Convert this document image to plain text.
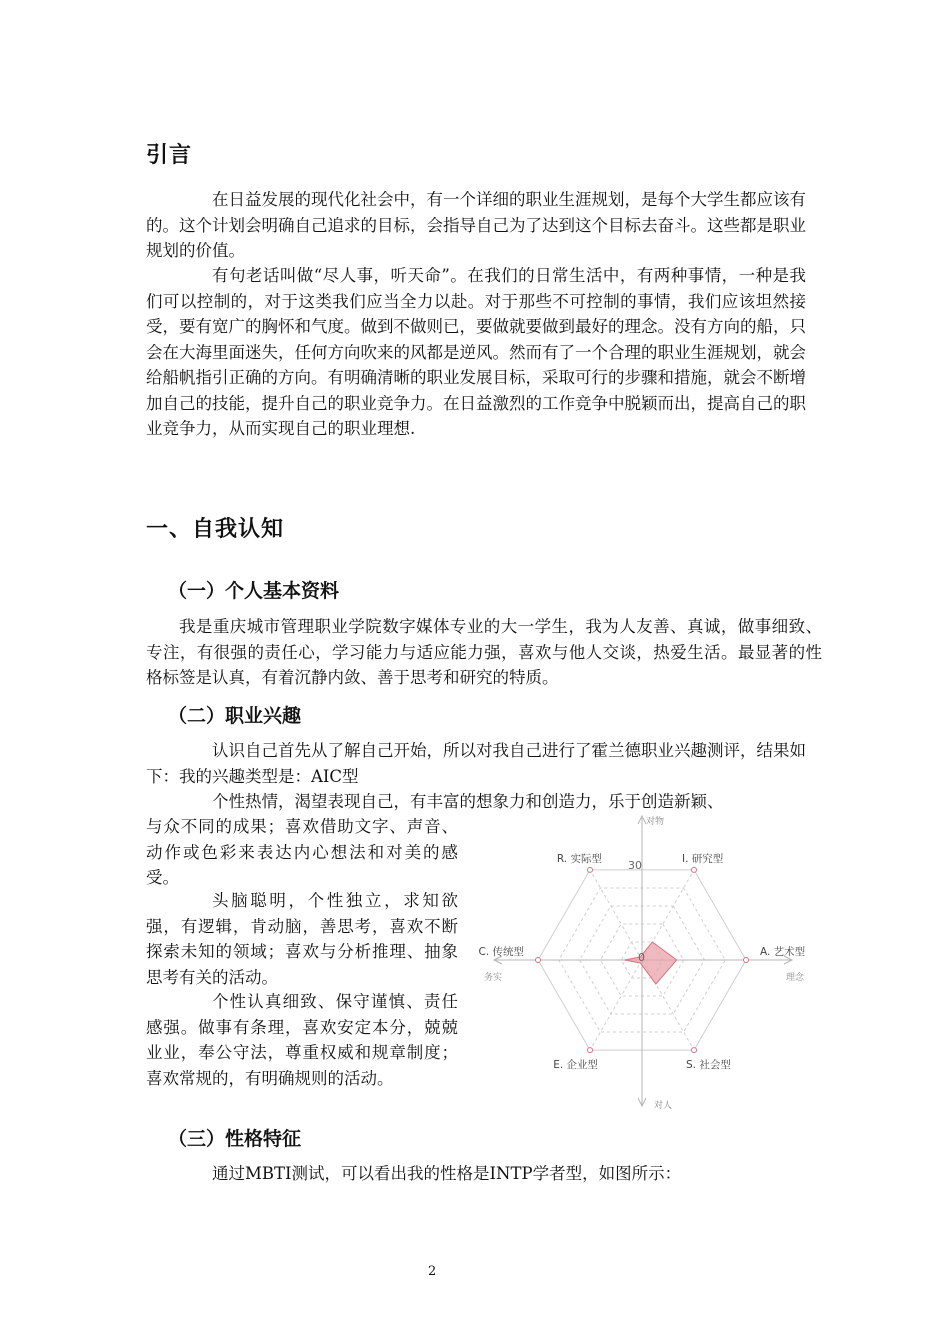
引言

在日益发展的现代化社会中，有一个详细的职业生涯规划，是每个大学生都应该有的。这个计划会明确自己追求的目标，会指导自己为了达到这个目标去奋斗。这些都是职业规划的价值。

有句老话叫做“尽人事，听天命”。在我们的日常生活中，有两种事情，一种是我们可以控制的，对于这类我们应当全力以赴。对于那些不可控制的事情，我们应该坦然接受，要有宽广的胸怀和气度。做到不做则已，要做就要做到最好的理念。没有方向的船，只会在大海里面迷失，任何方向吹来的风都是逆风。然而有了一个合理的职业生涯规划，就会给船帆指引正确的方向。有明确清晰的职业发展目标，采取可行的步骤和措施，就会不断增加自己的技能，提升自己的职业竞争力。在日益激烈的工作竞争中脱颖而出，提高自己的职业竞争力，从而实现自己的职业理想.

一、自我认知
（一）个人基本资料

我是重庆城市管理职业学院数字媒体专业的大一学生，我为人友善、真诚，做事细致、专注，有很强的责任心，学习能力与适应能力强，喜欢与他人交谈，热爱生活。最显著的性格标签是认真，有着沉静内敛、善于思考和研究的特质。

（二）职业兴趣

认识自己首先从了解自己开始，所以对我自己进行了霍兰德职业兴趣测评，结果如下：我的兴趣类型是：AIC型

个性热情，渴望表现自己，有丰富的想象力和创造力，乐于创造新颖、

与众不同的成果；喜欢借助文字、声音、动作或色彩来表达内心想法和对美的感受。

头脑聪明，个性独立，求知欲强，有逻辑，肯动脑，善思考，喜欢不断探索未知的领域；喜欢与分析推理、抽象思考有关的活动。

个性认真细致、保守谨慎、责任感强。做事有条理，喜欢安定本分，兢兢业业，奉公守法，尊重权威和规章制度；喜欢常规的，有明确规则的活动。

I. 研究型
A. 艺术型
S. 社会型
E. 企业型
C. 传统型
R. 实际型
对物
对人
务实	理念
30
0
（三）性格特征

通过MBTI测试，可以看出我的性格是INTP学者型，如图所示：

2
